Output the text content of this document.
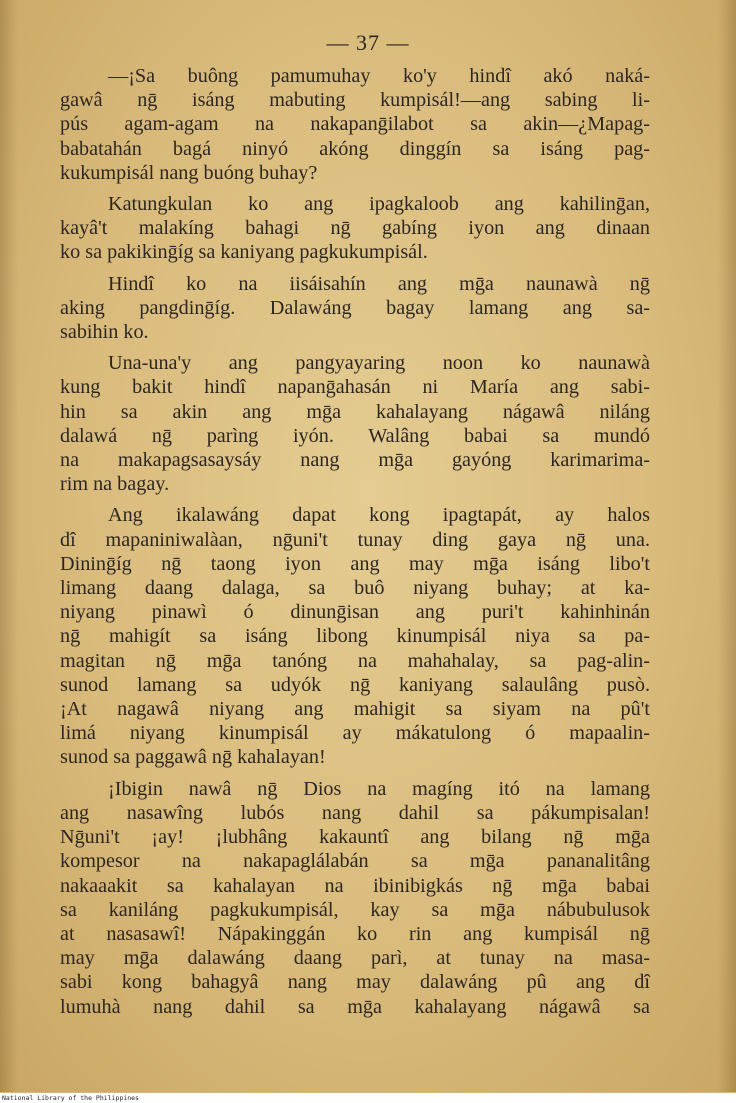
— 37 —
—¡Sa buông pamumuhay ko'y hindî akó naká-
gawâ nḡ isáng mabuting kumpisál!—ang sabing li-
pús agam-agam na nakapanḡilabot sa akin—¿Mapag-
babatahán bagá ninyó akóng dinggín sa isáng pag-
kukumpisál nang buóng buhay?
Katungkulan ko ang ipagkaloob ang kahilinḡan,
kayâ't malakíng bahagi nḡ gabíng iyon ang dinaan
ko sa pakikinḡíg sa kaniyang pagkukumpisál.
Hindî ko na iisáisahín ang mḡa naunawà nḡ
aking pangdinḡíg. Dalawáng bagay lamang ang sa-
sabihin ko.
Una-una'y ang pangyayaring noon ko naunawà
kung bakit hindî napanḡahasán ni María ang sabi-
hin sa akin ang mḡa kahalayang nágawâ niláng
dalawá nḡ parìng iyón. Walâng babai sa mundó
na makapagsasaysáy nang mḡa gayóng karimarima-
rim na bagay.
Ang ikalawáng dapat kong ipagtapát, ay halos
dî mapaniniwalàan, nḡuni't tunay ding gaya nḡ una.
Dininḡíg nḡ taong iyon ang may mḡa isáng libo't
limang daang dalaga, sa buô niyang buhay; at ka-
niyang pinawì ó dinunḡisan ang puri't kahinhinán
nḡ mahigít sa isáng libong kinumpisál niya sa pa-
magitan nḡ mḡa tanóng na mahahalay, sa pag-alin-
sunod lamang sa udyók nḡ kaniyang salaulâng pusò.
¡At nagawâ niyang ang mahigit sa siyam na pû't
limá niyang kinumpisál ay mákatulong ó mapaalin-
sunod sa paggawâ nḡ kahalayan!
¡Ibigin nawâ nḡ Dios na magíng itó na lamang
ang nasawîng lubós nang dahil sa pákumpisalan!
Nḡuni't ¡ay! ¡lubhâng kakauntî ang bilang nḡ mḡa
kompesor na nakapaglálabán sa mḡa pananalitâng
nakaaakit sa kahalayan na ibinibigkás nḡ mḡa babai
sa kaniláng pagkukumpisál, kay sa mḡa nábubulusok
at nasasawî! Nápakinggán ko rin ang kumpisál nḡ
may mḡa dalawáng daang parì, at tunay na masa-
sabi kong bahagyâ nang may dalawáng pû ang dî
lumuhà nang dahil sa mḡa kahalayang nágawâ sa
National Library of the Philippines
